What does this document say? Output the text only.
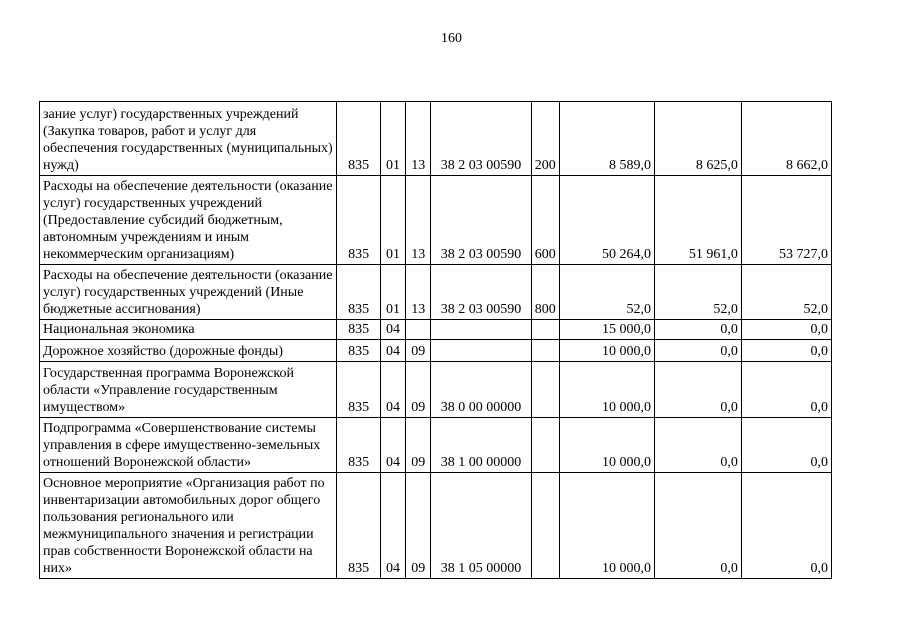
160
зание услуг) государственных учреждений (Закупка товаров, работ и услуг для обеспечения государственных (муниципальных) нужд)	835	01	13	38 2 03 00590	200	8 589,0	8 625,0	8 662,0
Расходы на обеспечение деятельности (оказание услуг) государственных учреждений (Предоставление субсидий бюджетным, автономным учреждениям и иным некоммерческим организациям)	835	01	13	38 2 03 00590	600	50 264,0	51 961,0	53 727,0
Расходы на обеспечение деятельности (оказание услуг) государственных учреждений (Иные бюджетные ассигнования)	835	01	13	38 2 03 00590	800	52,0	52,0	52,0
Национальная экономика	835	04				15 000,0	0,0	0,0
Дорожное хозяйство (дорожные фонды)	835	04	09			10 000,0	0,0	0,0
Государственная программа Воронежской области «Управление государственным имуществом»	835	04	09	38 0 00 00000		10 000,0	0,0	0,0
Подпрограмма «Совершенствование системы управления в сфере имущественно-земельных отношений Воронежской области»	835	04	09	38 1 00 00000		10 000,0	0,0	0,0
Основное мероприятие «Организация работ по инвентаризации автомобильных дорог общего пользования регионального или межмуниципального значения и регистрации прав собственности Воронежской области на них»	835	04	09	38 1 05 00000		10 000,0	0,0	0,0
